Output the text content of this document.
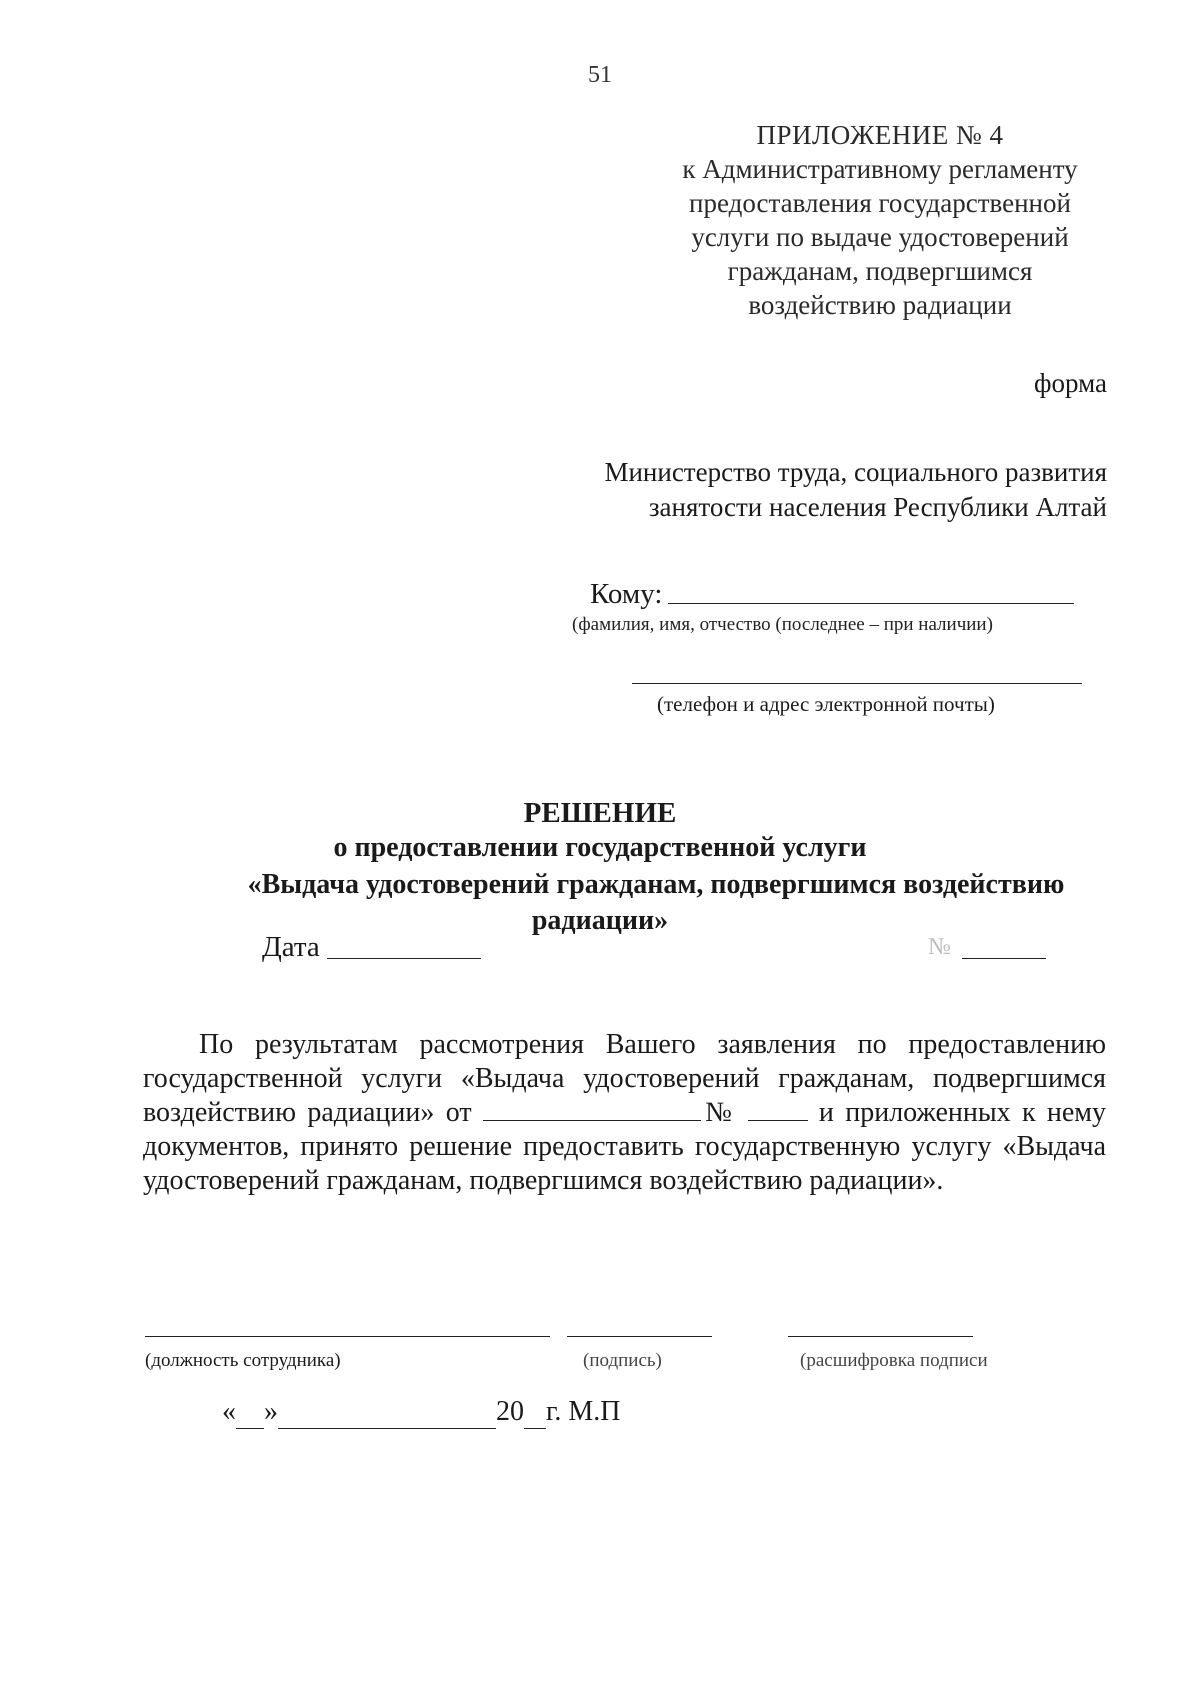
51
ПРИЛОЖЕНИЕ № 4
к Административному регламенту
предоставления государственной
услуги по выдаче удостоверений
гражданам, подвергшимся
воздействию радиации
форма
Министерство труда, социального развития
занятости населения Республики Алтай
Кому:
(фамилия, имя, отчество (последнее – при наличии)
(телефон и адрес электронной почты)
РЕШЕНИЕ
о предоставлении государственной услуги
«Выдача удостоверений гражданам, подвергшимся воздействию
радиации»
Дата	№

По результатам рассмотрения Вашего заявления по предоставлению государственной услуги «Выдача удостоверений гражданам, подвергшимся воздействию радиации» от	№	и приложенных к нему документов, принято решение предоставить государственную услугу «Выдача удостоверений гражданам, подвергшимся воздействию радиации».

(должность сотрудника)	(подпись)	(расшифровка подписи
« »	20 г. М.П
